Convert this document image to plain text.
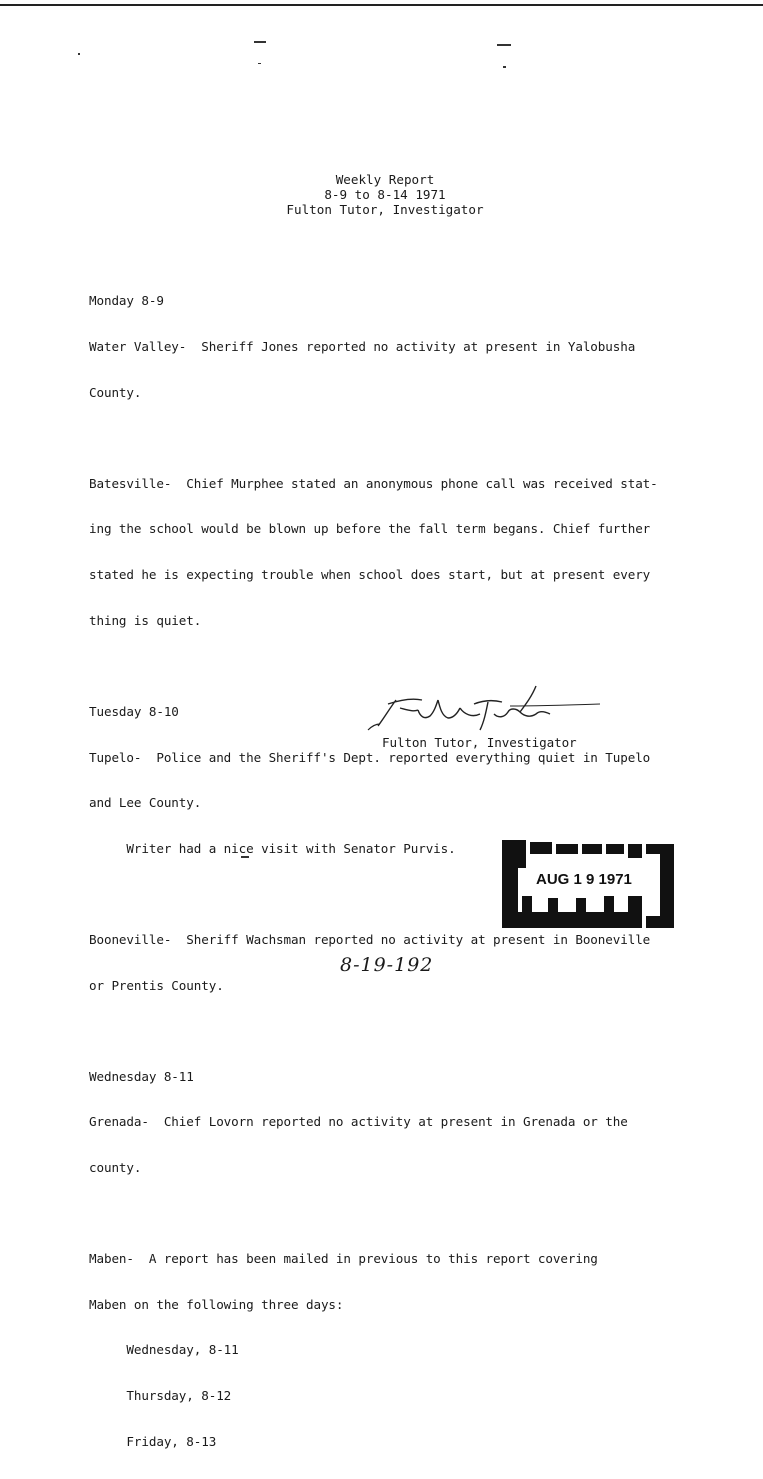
Weekly Report
8-9 to 8-14 1971
Fulton Tutor, Investigator

Monday 8-9

Water Valley-  Sheriff Jones reported no activity at present in Yalobusha

County.

Batesville-  Chief Murphee stated an anonymous phone call was received stat-

ing the school would be blown up before the fall term begans. Chief further

stated he is expecting trouble when school does start, but at present every

thing is quiet.

Tuesday 8-10

Tupelo-  Police and the Sheriff's Dept. reported everything quiet in Tupelo

and Lee County.

Writer had a nice visit with Senator Purvis.

Booneville-  Sheriff Wachsman reported no activity at present in Booneville

or Prentis County.

Wednesday 8-11

Grenada-  Chief Lovorn reported no activity at present in Grenada or the

county.

Maben-  A report has been mailed in previous to this report covering

Maben on the following three days:

Wednesday, 8-11

Thursday, 8-12

Friday, 8-13

Fulton Tutor, Investigator
AUG 1 9 1971
8-19-192
